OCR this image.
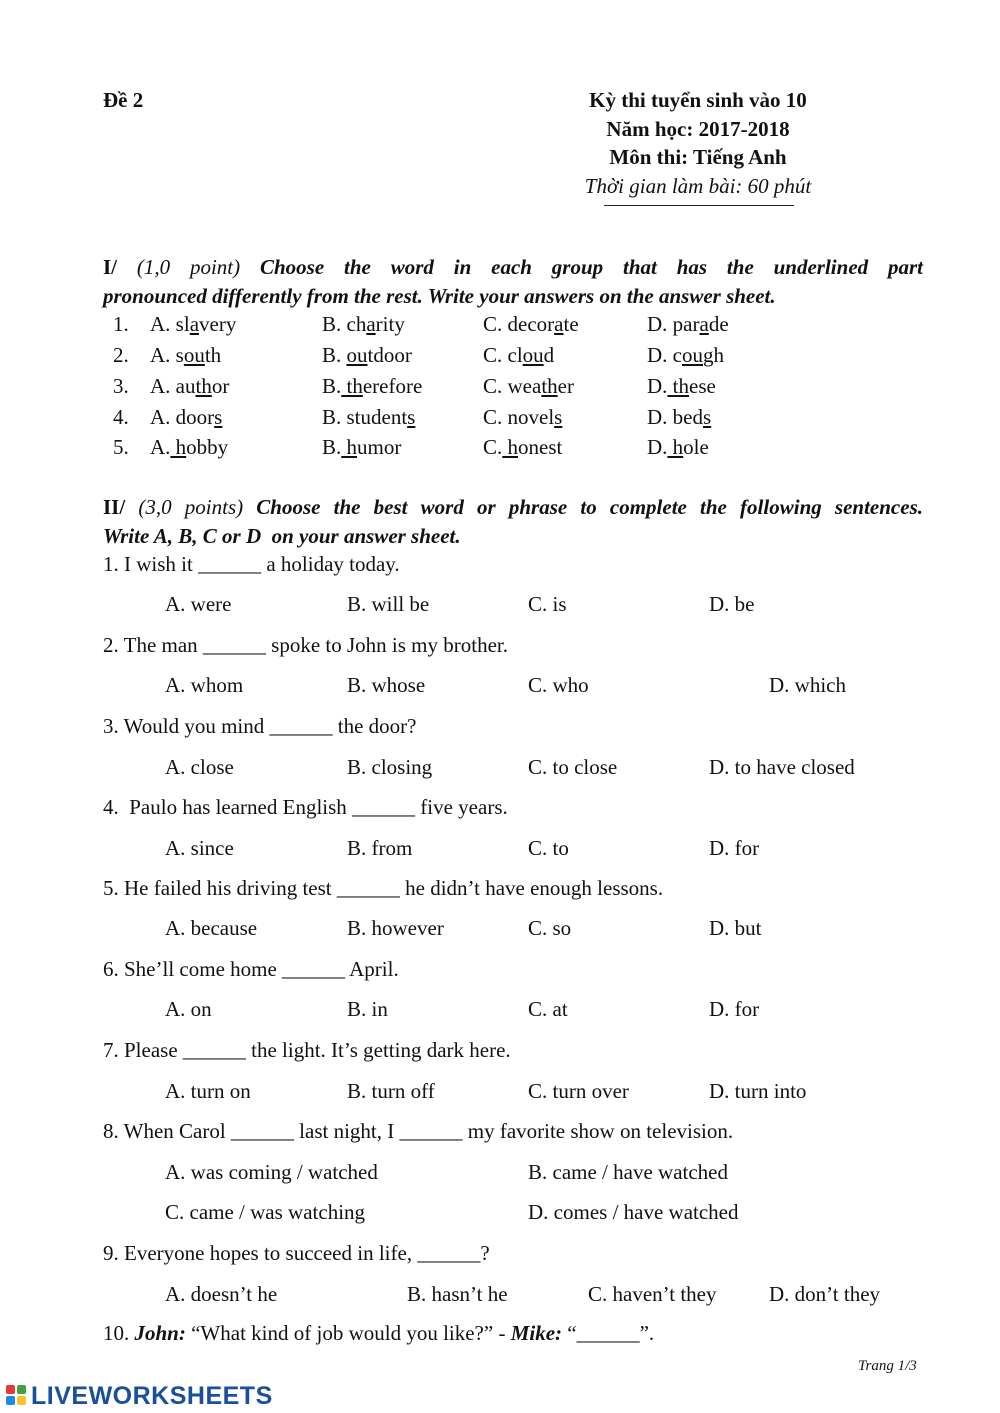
Đề 2	Kỳ thi tuyển sinh vào 10
Năm học: 2017-2018
Môn thi: Tiếng Anh
Thời gian làm bài: 60 phút
I/ (1,0 point) Choose the word in each group that has the underlined part
pronounced differently from the rest. Write your answers on the answer sheet.
1. A. slavery	B. charity	C. decorate	D. parade
2. A. south	B. outdoor	C. cloud	D. cough
3. A. author	B. therefore	C. weather	D. these
4. A. doors	B. students	C. novels	D. beds
5. A. hobby	B. humor	C. honest	D. hole
II/ (3,0 points) Choose the best word or phrase to complete the following sentences.
Write A, B, C or D  on your answer sheet.
1. I wish it ______ a holiday today.
A. were	B. will be	C. is	D. be
2. The man ______ spoke to John is my brother.
A. whom	B. whose	C. who	D. which
3. Would you mind ______ the door?
A. close	B. closing	C. to close	D. to have closed
4.  Paulo has learned English ______ five years.
A. since	B. from	C. to	D. for
5. He failed his driving test ______ he didn’t have enough lessons.
A. because	B. however	C. so	D. but
6. She’ll come home ______ April.
A. on	B. in	C. at	D. for
7. Please ______ the light. It’s getting dark here.
A. turn on	B. turn off	C. turn over	D. turn into
8. When Carol ______ last night, I ______ my favorite show on television.
A. was coming / watched	B. came / have watched
C. came / was watching	D. comes / have watched
9. Everyone hopes to succeed in life, ______?
A. doesn’t he	B. hasn’t he	C. haven’t they D. don’t they
10. John: “What kind of job would you like?” - Mike: “______”.
Trang 1/3
LIVEWORKSHEETS
